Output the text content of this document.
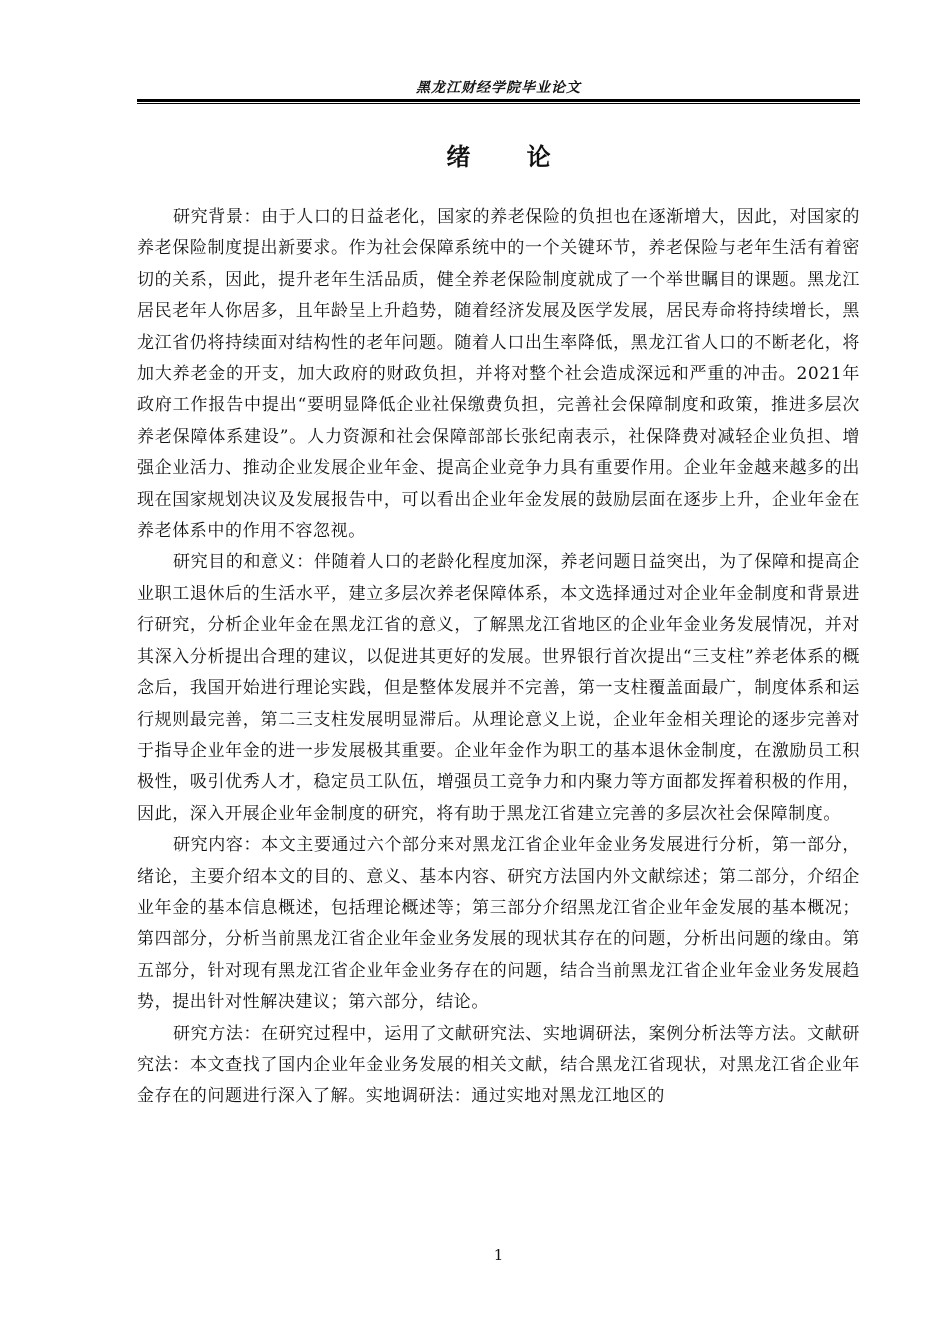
黑龙江财经学院毕业论文
绪 论

研究背景：由于人口的日益老化，国家的养老保险的负担也在逐渐增大，因此，对国家的养老保险制度提出新要求。作为社会保障系统中的一个关键环节，养老保险与老年生活有着密切的关系，因此，提升老年生活品质，健全养老保险制度就成了一个举世瞩目的课题。黑龙江居民老年人你居多，且年龄呈上升趋势，随着经济发展及医学发展，居民寿命将持续增长，黑龙江省仍将持续面对结构性的老年问题。随着人口出生率降低，黑龙江省人口的不断老化，将加大养老金的开支，加大政府的财政负担，并将对整个社会造成深远和严重的冲击。2021年政府工作报告中提出“要明显降低企业社保缴费负担，完善社会保障制度和政策，推进多层次养老保障体系建设”。人力资源和社会保障部部长张纪南表示，社保降费对减轻企业负担、增强企业活力、推动企业发展企业年金、提高企业竞争力具有重要作用。企业年金越来越多的出现在国家规划决议及发展报告中，可以看出企业年金发展的鼓励层面在逐步上升，企业年金在养老体系中的作用不容忽视。

研究目的和意义：伴随着人口的老龄化程度加深，养老问题日益突出，为了保障和提高企业职工退休后的生活水平，建立多层次养老保障体系，本文选择通过对企业年金制度和背景进行研究，分析企业年金在黑龙江省的意义，了解黑龙江省地区的企业年金业务发展情况，并对其深入分析提出合理的建议，以促进其更好的发展。世界银行首次提出“三支柱”养老体系的概念后，我国开始进行理论实践，但是整体发展并不完善，第一支柱覆盖面最广，制度体系和运行规则最完善，第二三支柱发展明显滞后。从理论意义上说，企业年金相关理论的逐步完善对于指导企业年金的进一步发展极其重要。企业年金作为职工的基本退休金制度，在激励员工积极性，吸引优秀人才，稳定员工队伍，增强员工竞争力和内聚力等方面都发挥着积极的作用，因此，深入开展企业年金制度的研究，将有助于黑龙江省建立完善的多层次社会保障制度。

研究内容：本文主要通过六个部分来对黑龙江省企业年金业务发展进行分析，第一部分，绪论，主要介绍本文的目的、意义、基本内容、研究方法国内外文献综述；第二部分，介绍企业年金的基本信息概述，包括理论概述等；第三部分介绍黑龙江省企业年金发展的基本概况；第四部分，分析当前黑龙江省企业年金业务发展的现状其存在的问题，分析出问题的缘由。第五部分，针对现有黑龙江省企业年金业务存在的问题，结合当前黑龙江省企业年金业务发展趋势，提出针对性解决建议；第六部分，结论。

研究方法：在研究过程中，运用了文献研究法、实地调研法，案例分析法等方法。文献研究法：本文查找了国内企业年金业务发展的相关文献，结合黑龙江省现状，对黑龙江省企业年金存在的问题进行深入了解。实地调研法：通过实地对黑龙江地区的

1
